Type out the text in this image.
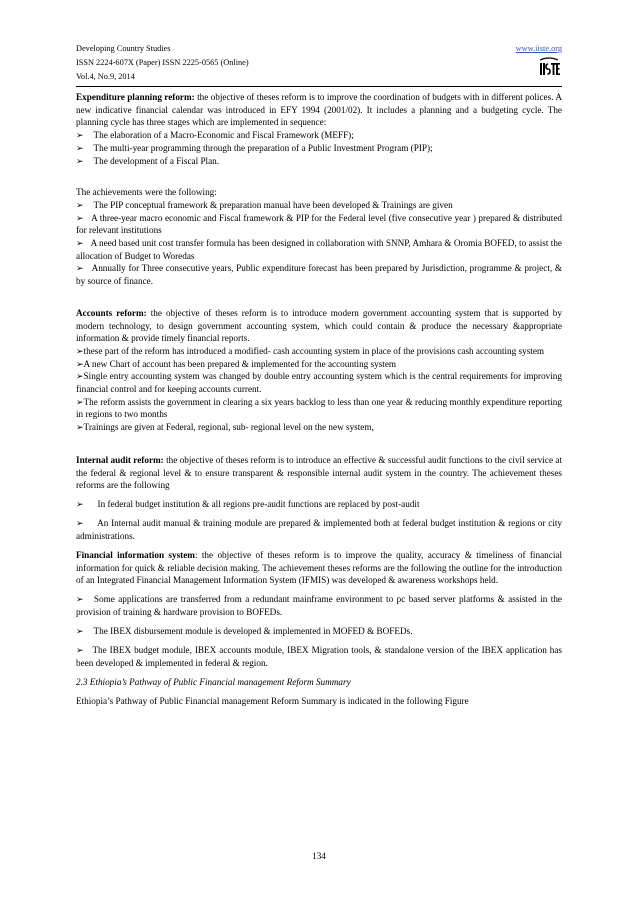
Developing Country Studies
ISSN 2224-607X (Paper) ISSN 2225-0565 (Online)
Vol.4, No.9, 2014
www.iiste.org

Expenditure planning reform: the objective of theses reform is to improve the coordination of budgets with in different polices. A new indicative financial calendar was introduced in EFY 1994 (2001/02). It includes a planning and a budgeting cycle. The planning cycle has three stages which are implemented in sequence:

➢ The elaboration of a Macro-Economic and Fiscal Framework (MEFF);

➢ The multi-year programming through the preparation of a Public Investment Program (PIP);

➢ The development of a Fiscal Plan.

The achievements were the following:

➢ The PIP conceptual framework & preparation manual have been developed & Trainings are given

➢ A three-year macro economic and Fiscal framework & PIP for the Federal level (five consecutive year ) prepared & distributed for relevant institutions

➢ A need based unit cost transfer formula has been designed in collaboration with SNNP, Amhara & Oromia BOFED, to assist the allocation of Budget to Woredas

➢ Annually for Three consecutive years, Public expenditure forecast has been prepared by Jurisdiction, programme & project, & by source of finance.

Accounts reform: the objective of theses reform is to introduce modern government accounting system that is supported by modern technology, to design government accounting system, which could contain & produce the necessary &appropriate information & provide timely financial reports.

➢these part of the reform has introduced a modified- cash accounting system in place of the provisions cash accounting system

➢A new Chart of account has been prepared & implemented for the accounting system

➢Single entry accounting system was changed by double entry accounting system which is the central requirements for improving financial control and for keeping accounts current.

➢The reform assists the government in clearing a six years backlog to less than one year & reducing monthly expenditure reporting in regions to two months

➢Trainings are given at Federal, regional, sub- regional level on the new system,

Internal audit reform: the objective of theses reform is to introduce an effective & successful audit functions to the civil service at the federal & regional level & to ensure transparent & responsible internal audit system in the country. The achievement theses reforms are the following

➢ In federal budget institution & all regions pre-audit functions are replaced by post-audit

➢ An Internal audit manual & training module are prepared & implemented both at federal budget institution & regions or city administrations.

Financial information system: the objective of theses reform is to improve the quality, accuracy & timeliness of financial information for quick & reliable decision making. The achievement theses reforms are the following the outline for the introduction of an Integrated Financial Management Information System (IFMIS) was developed & awareness workshops held.

➢ Some applications are transferred from a redundant mainframe environment to pc based server platforms & assisted in the provision of training & hardware provision to BOFEDs.

➢ The IBEX disbursement module is developed & implemented in MOFED & BOFEDs.

➢ The IBEX budget module, IBEX accounts module, IBEX Migration tools, & standalone version of the IBEX application has been developed & implemented in federal & region.

2.3 Ethiopia’s Pathway of Public Financial management Reform Summary

Ethiopia’s Pathway of Public Financial management Reform Summary is indicated in the following Figure

134
